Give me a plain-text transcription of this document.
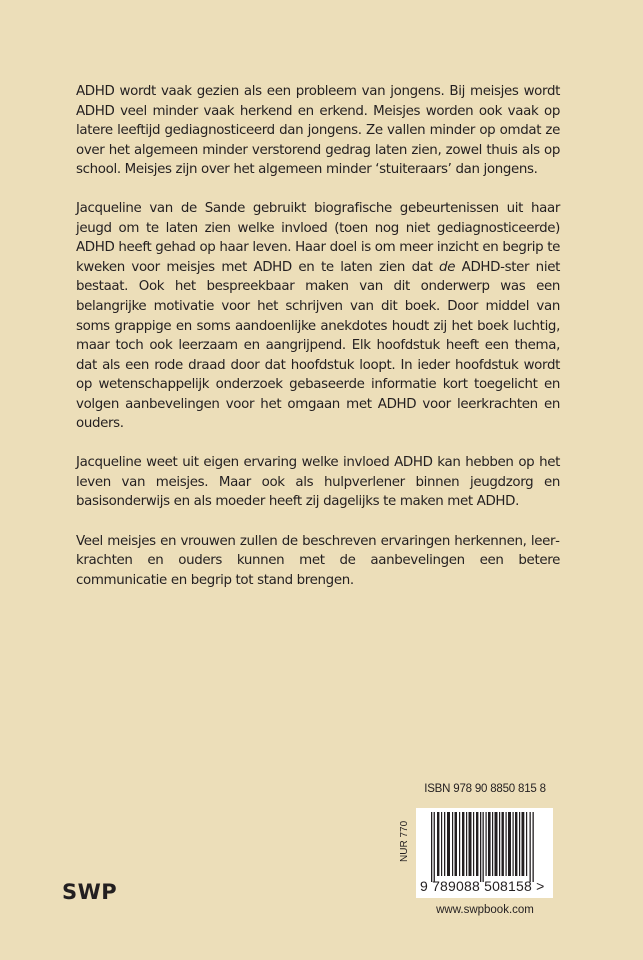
ADHD wordt vaak gezien als een probleem van jongens. Bij meisjes wordt ADHD veel minder vaak herkend en erkend. Meisjes worden ook vaak op latere leeftijd gediagnosticeerd dan jongens. Ze vallen minder op omdat ze over het algemeen minder verstorend gedrag laten zien, zowel thuis als op school. Meisjes zijn over het algemeen minder ‘stuiteraars’ dan jongens.

Jacqueline van de Sande gebruikt biografische gebeurtenissen uit haar jeugd om te laten zien welke invloed (toen nog niet gediagnosticeerde) ADHD heeft gehad op haar leven. Haar doel is om meer inzicht en begrip te kweken voor meisjes met ADHD en te laten zien dat de ADHD-ster niet bestaat. Ook het bespreekbaar maken van dit onderwerp was een belangrijke motivatie voor het schrijven van dit boek. Door middel van soms grappige en soms aandoenlijke anekdotes houdt zij het boek luchtig, maar toch ook leerzaam en aangrijpend. Elk hoofdstuk heeft een thema, dat als een rode draad door dat hoofdstuk loopt. In ieder hoofdstuk wordt op wetenschappelijk onderzoek gebaseerde informatie kort toegelicht en volgen aanbevelingen voor het omgaan met ADHD voor leerkrachten en ouders.

Jacqueline weet uit eigen ervaring welke invloed ADHD kan hebben op het leven van meisjes. Maar ook als hulpverlener binnen jeugdzorg en basisonderwijs en als moeder heeft zij dagelijks te maken met ADHD.

Veel meisjes en vrouwen zullen de beschreven ervaringen herkennen, leerkrachten en ouders kunnen met de aanbevelingen een betere communicatie en begrip tot stand brengen.

ISBN 978 90 8850 815 8
9 789088 508158 >
NUR 770
www.swpbook.com
SWP
